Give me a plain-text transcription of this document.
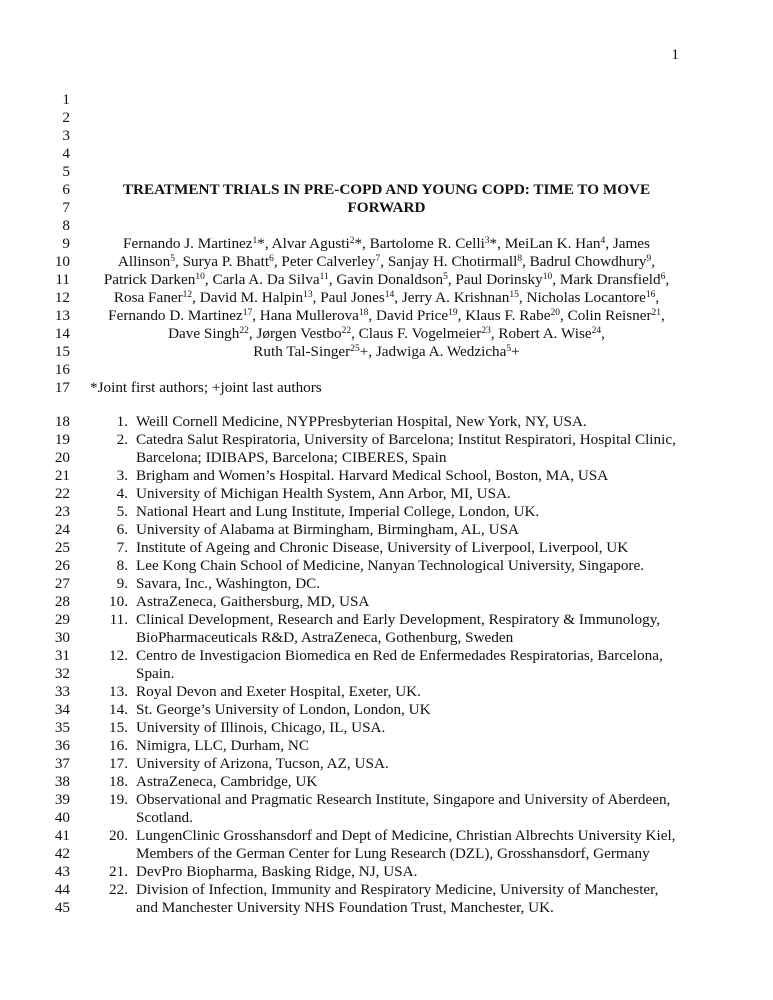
1
1
2
3
4
5
6	TREATMENT TRIALS IN PRE-COPD AND YOUNG COPD: TIME TO MOVE
7	FORWARD
8
9	Fernando J. Martinez$^1$*, Alvar Agusti$^2$*, Bartolome R. Celli$^3$*, MeiLan K. Han$^4$, James
10	Allinson$^5$, Surya P. Bhatt$^6$, Peter Calverley$^7$, Sanjay H. Chotirmall$^8$, Badrul Chowdhury$^9$,
11	Patrick Darken$^{10}$, Carla A. Da Silva$^{11}$, Gavin Donaldson$^5$, Paul Dorinsky$^{10}$, Mark Dransfield$^6$,
12	Rosa Faner$^{12}$, David M. Halpin$^{13}$, Paul Jones$^{14}$, Jerry A. Krishnan$^{15}$, Nicholas Locantore$^{16}$,
13	Fernando D. Martinez$^{17}$, Hana Mullerova$^{18}$, David Price$^{19}$, Klaus F. Rabe$^{20}$, Colin Reisner$^{21}$,
14	Dave Singh$^{22}$, Jørgen Vestbo$^{22}$, Claus F. Vogelmeier$^{23}$, Robert A. Wise$^{24}$,
15	Ruth Tal-Singer$^{25}$+, Jadwiga A. Wedzicha$^5$+
16
17 *Joint first authors; +joint last authors
18	1. Weill Cornell Medicine, NYPPresbyterian Hospital, New York, NY, USA.
19	2. Catedra Salut Respiratoria, University of Barcelona; Institut Respiratori, Hospital Clinic,
20	Barcelona; IDIBAPS, Barcelona; CIBERES, Spain
21	3. Brigham and Women’s Hospital. Harvard Medical School, Boston, MA, USA
22	4. University of Michigan Health System, Ann Arbor, MI, USA.
23	5. National Heart and Lung Institute, Imperial College, London, UK.
24	6. University of Alabama at Birmingham, Birmingham, AL, USA
25	7. Institute of Ageing and Chronic Disease, University of Liverpool, Liverpool, UK
26	8. Lee Kong Chain School of Medicine, Nanyan Technological University, Singapore.
27	9. Savara, Inc., Washington, DC.
28	10. AstraZeneca, Gaithersburg, MD, USA
29	11. Clinical Development, Research and Early Development, Respiratory & Immunology,
30	BioPharmaceuticals R&D, AstraZeneca, Gothenburg, Sweden
31	12. Centro de Investigacion Biomedica en Red de Enfermedades Respiratorias, Barcelona,
32	Spain.
33	13. Royal Devon and Exeter Hospital, Exeter, UK.
34	14. St. George’s University of London, London, UK
35	15. University of Illinois, Chicago, IL, USA.
36	16. Nimigra, LLC, Durham, NC
37	17. University of Arizona, Tucson, AZ, USA.
38	18. AstraZeneca, Cambridge, UK
39	19. Observational and Pragmatic Research Institute, Singapore and University of Aberdeen,
40	Scotland.
41	20. LungenClinic Grosshansdorf and Dept of Medicine, Christian Albrechts University Kiel,
42	Members of the German Center for Lung Research (DZL), Grosshansdorf, Germany
43	21. DevPro Biopharma, Basking Ridge, NJ, USA.
44	22. Division of Infection, Immunity and Respiratory Medicine, University of Manchester,
45	and Manchester University NHS Foundation Trust, Manchester, UK.
